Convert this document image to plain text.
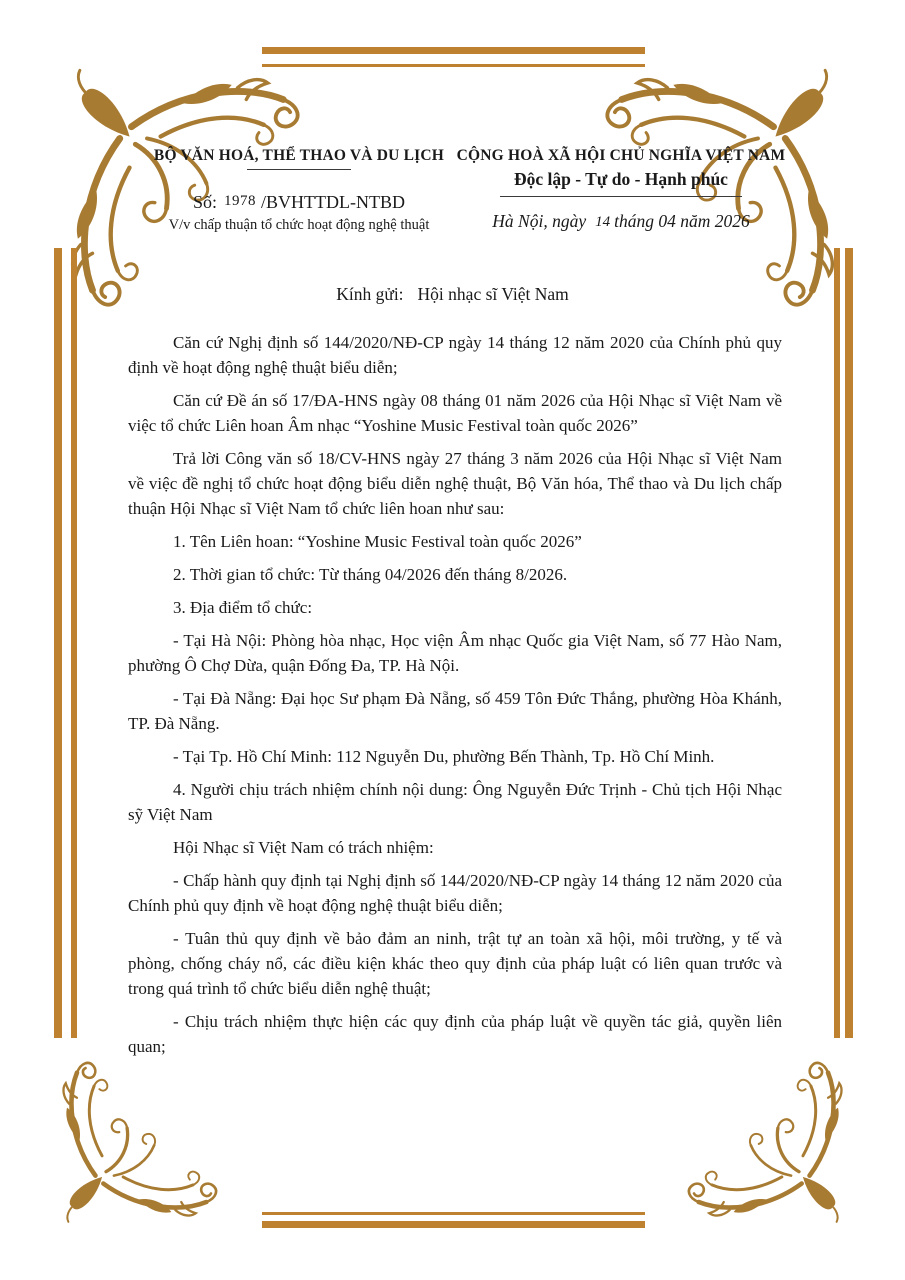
BỘ VĂN HOÁ, THỂ THAO VÀ DU LỊCH
Số: 1978 /BVHTTDL-NTBD
V/v chấp thuận tổ chức hoạt động nghệ thuật
CỘNG HOÀ XÃ HỘI CHỦ NGHĨA VIỆT NAM
Độc lập - Tự do - Hạnh phúc
Hà Nội, ngày 14 tháng 04 năm 2026
Kính gửi: Hội nhạc sĩ Việt Nam

Căn cứ Nghị định số 144/2020/NĐ-CP ngày 14 tháng 12 năm 2020 của Chính phủ quy định về hoạt động nghệ thuật biểu diễn;

Căn cứ Đề án số 17/ĐA-HNS ngày 08 tháng 01 năm 2026 của Hội Nhạc sĩ Việt Nam về việc tổ chức Liên hoan Âm nhạc “Yoshine Music Festival toàn quốc 2026”

Trả lời Công văn số 18/CV-HNS ngày 27 tháng 3 năm 2026 của Hội Nhạc sĩ Việt Nam về việc đề nghị tổ chức hoạt động biểu diễn nghệ thuật, Bộ Văn hóa, Thể thao và Du lịch chấp thuận Hội Nhạc sĩ Việt Nam tổ chức liên hoan như sau:

1. Tên Liên hoan: “Yoshine Music Festival toàn quốc 2026”

2. Thời gian tổ chức: Từ tháng 04/2026 đến tháng 8/2026.

3. Địa điểm tổ chức:

- Tại Hà Nội: Phòng hòa nhạc, Học viện Âm nhạc Quốc gia Việt Nam, số 77 Hào Nam, phường Ô Chợ Dừa, quận Đống Đa, TP. Hà Nội.

- Tại Đà Nẵng: Đại học Sư phạm Đà Nẵng, số 459 Tôn Đức Thắng, phường Hòa Khánh, TP. Đà Nẵng.

- Tại Tp. Hồ Chí Minh: 112 Nguyễn Du, phường Bến Thành, Tp. Hồ Chí Minh.

4. Người chịu trách nhiệm chính nội dung: Ông Nguyễn Đức Trịnh - Chủ tịch Hội Nhạc sỹ Việt Nam

Hội Nhạc sĩ Việt Nam có trách nhiệm:

- Chấp hành quy định tại Nghị định số 144/2020/NĐ-CP ngày 14 tháng 12 năm 2020 của Chính phủ quy định về hoạt động nghệ thuật biểu diễn;

- Tuân thủ quy định về bảo đảm an ninh, trật tự an toàn xã hội, môi trường, y tế và phòng, chống cháy nổ, các điều kiện khác theo quy định của pháp luật có liên quan trước và trong quá trình tổ chức biểu diễn nghệ thuật;

- Chịu trách nhiệm thực hiện các quy định của pháp luật về quyền tác giả, quyền liên quan;
